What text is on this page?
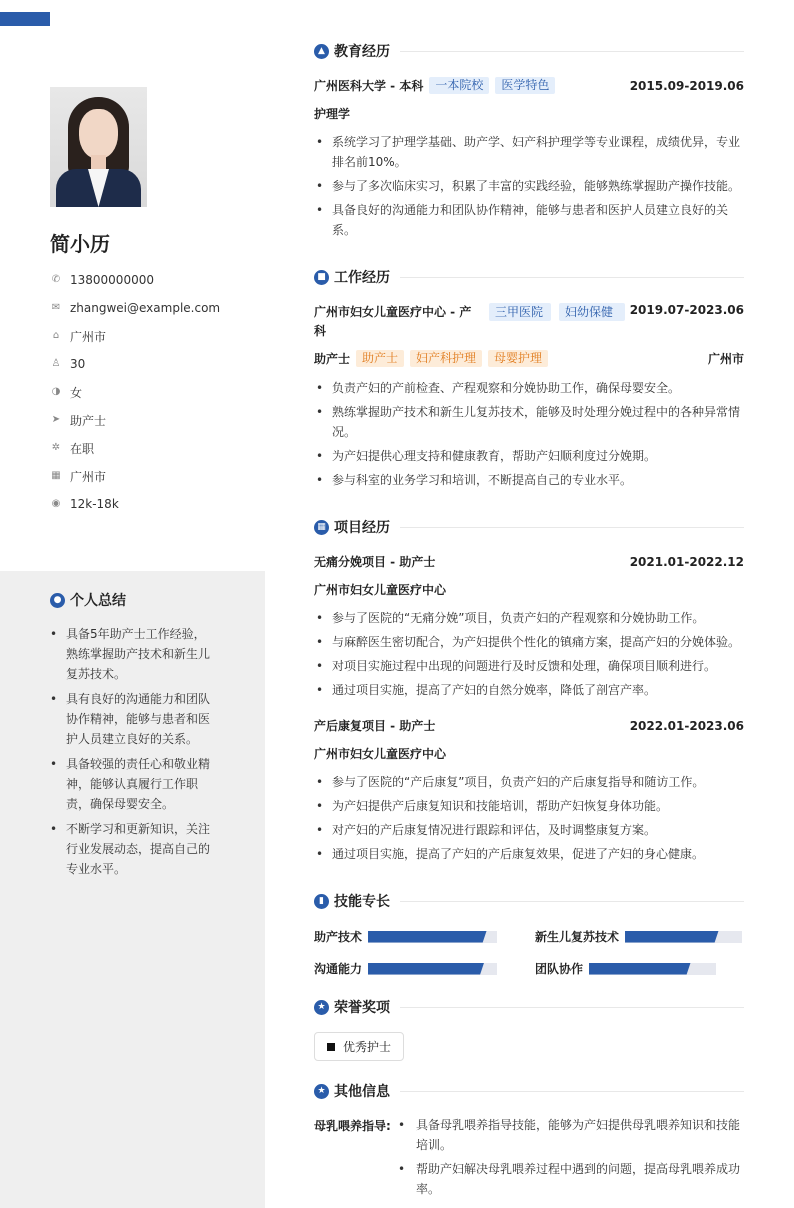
简小历
✆ 13800000000
✉ zhangwei@example.com
⌂ 广州市
♙ 30
◑ 女
➤ 助产士
✲ 在职
▦ 广州市
◉ 12k-18k
● 个人总结
• 具备5年助产士工作经验，熟练掌握助产技术和新生儿复苏技术。
• 具有良好的沟通能力和团队协作精神，能够与患者和医护人员建立良好的关系。
• 具备较强的责任心和敬业精神，能够认真履行工作职责，确保母婴安全。
• 不断学习和更新知识，关注行业发展动态，提高自己的专业水平。
▲ 教育经历
广州医科大学 - 本科	一本院校	医学特色	2015.09-2019.06
护理学
• 系统学习了护理学基础、助产学、妇产科护理学等专业课程，成绩优异，专业排名前10%。
• 参与了多次临床实习，积累了丰富的实践经验，能够熟练掌握助产操作技能。
• 具备良好的沟通能力和团队协作精神，能够与患者和医护人员建立良好的关系。
■ 工作经历
广州市妇女儿童医疗中心 - 产科
三甲医院	妇幼保健	2019.07-2023.06
助产士	助产士	妇产科护理	母婴护理	广州市
• 负责产妇的产前检查、产程观察和分娩协助工作，确保母婴安全。
• 熟练掌握助产技术和新生儿复苏技术，能够及时处理分娩过程中的各种异常情况。
• 为产妇提供心理支持和健康教育，帮助产妇顺利度过分娩期。
• 参与科室的业务学习和培训，不断提高自己的专业水平。
▦ 项目经历
无痛分娩项目 - 助产士	2021.01-2022.12
广州市妇女儿童医疗中心
• 参与了医院的“无痛分娩”项目，负责产妇的产程观察和分娩协助工作。
• 与麻醉医生密切配合，为产妇提供个性化的镇痛方案，提高产妇的分娩体验。
• 对项目实施过程中出现的问题进行及时反馈和处理，确保项目顺利进行。
• 通过项目实施，提高了产妇的自然分娩率，降低了剖宫产率。
产后康复项目 - 助产士	2022.01-2023.06
广州市妇女儿童医疗中心
• 参与了医院的“产后康复”项目，负责产妇的产后康复指导和随访工作。
• 为产妇提供产后康复知识和技能培训，帮助产妇恢复身体功能。
• 对产妇的产后康复情况进行跟踪和评估，及时调整康复方案。
• 通过项目实施，提高了产妇的产后康复效果，促进了产妇的身心健康。
▮ 技能专长
助产技术	新生儿复苏技术
沟通能力	团队协作
★ 荣誉奖项
优秀护士
★ 其他信息
母乳喂养指导:
•	具备母乳喂养指导技能，能够为产妇提供母乳喂养知识和技能培训。
• 帮助产妇解决母乳喂养过程中遇到的问题，提高母乳喂养成功率。
